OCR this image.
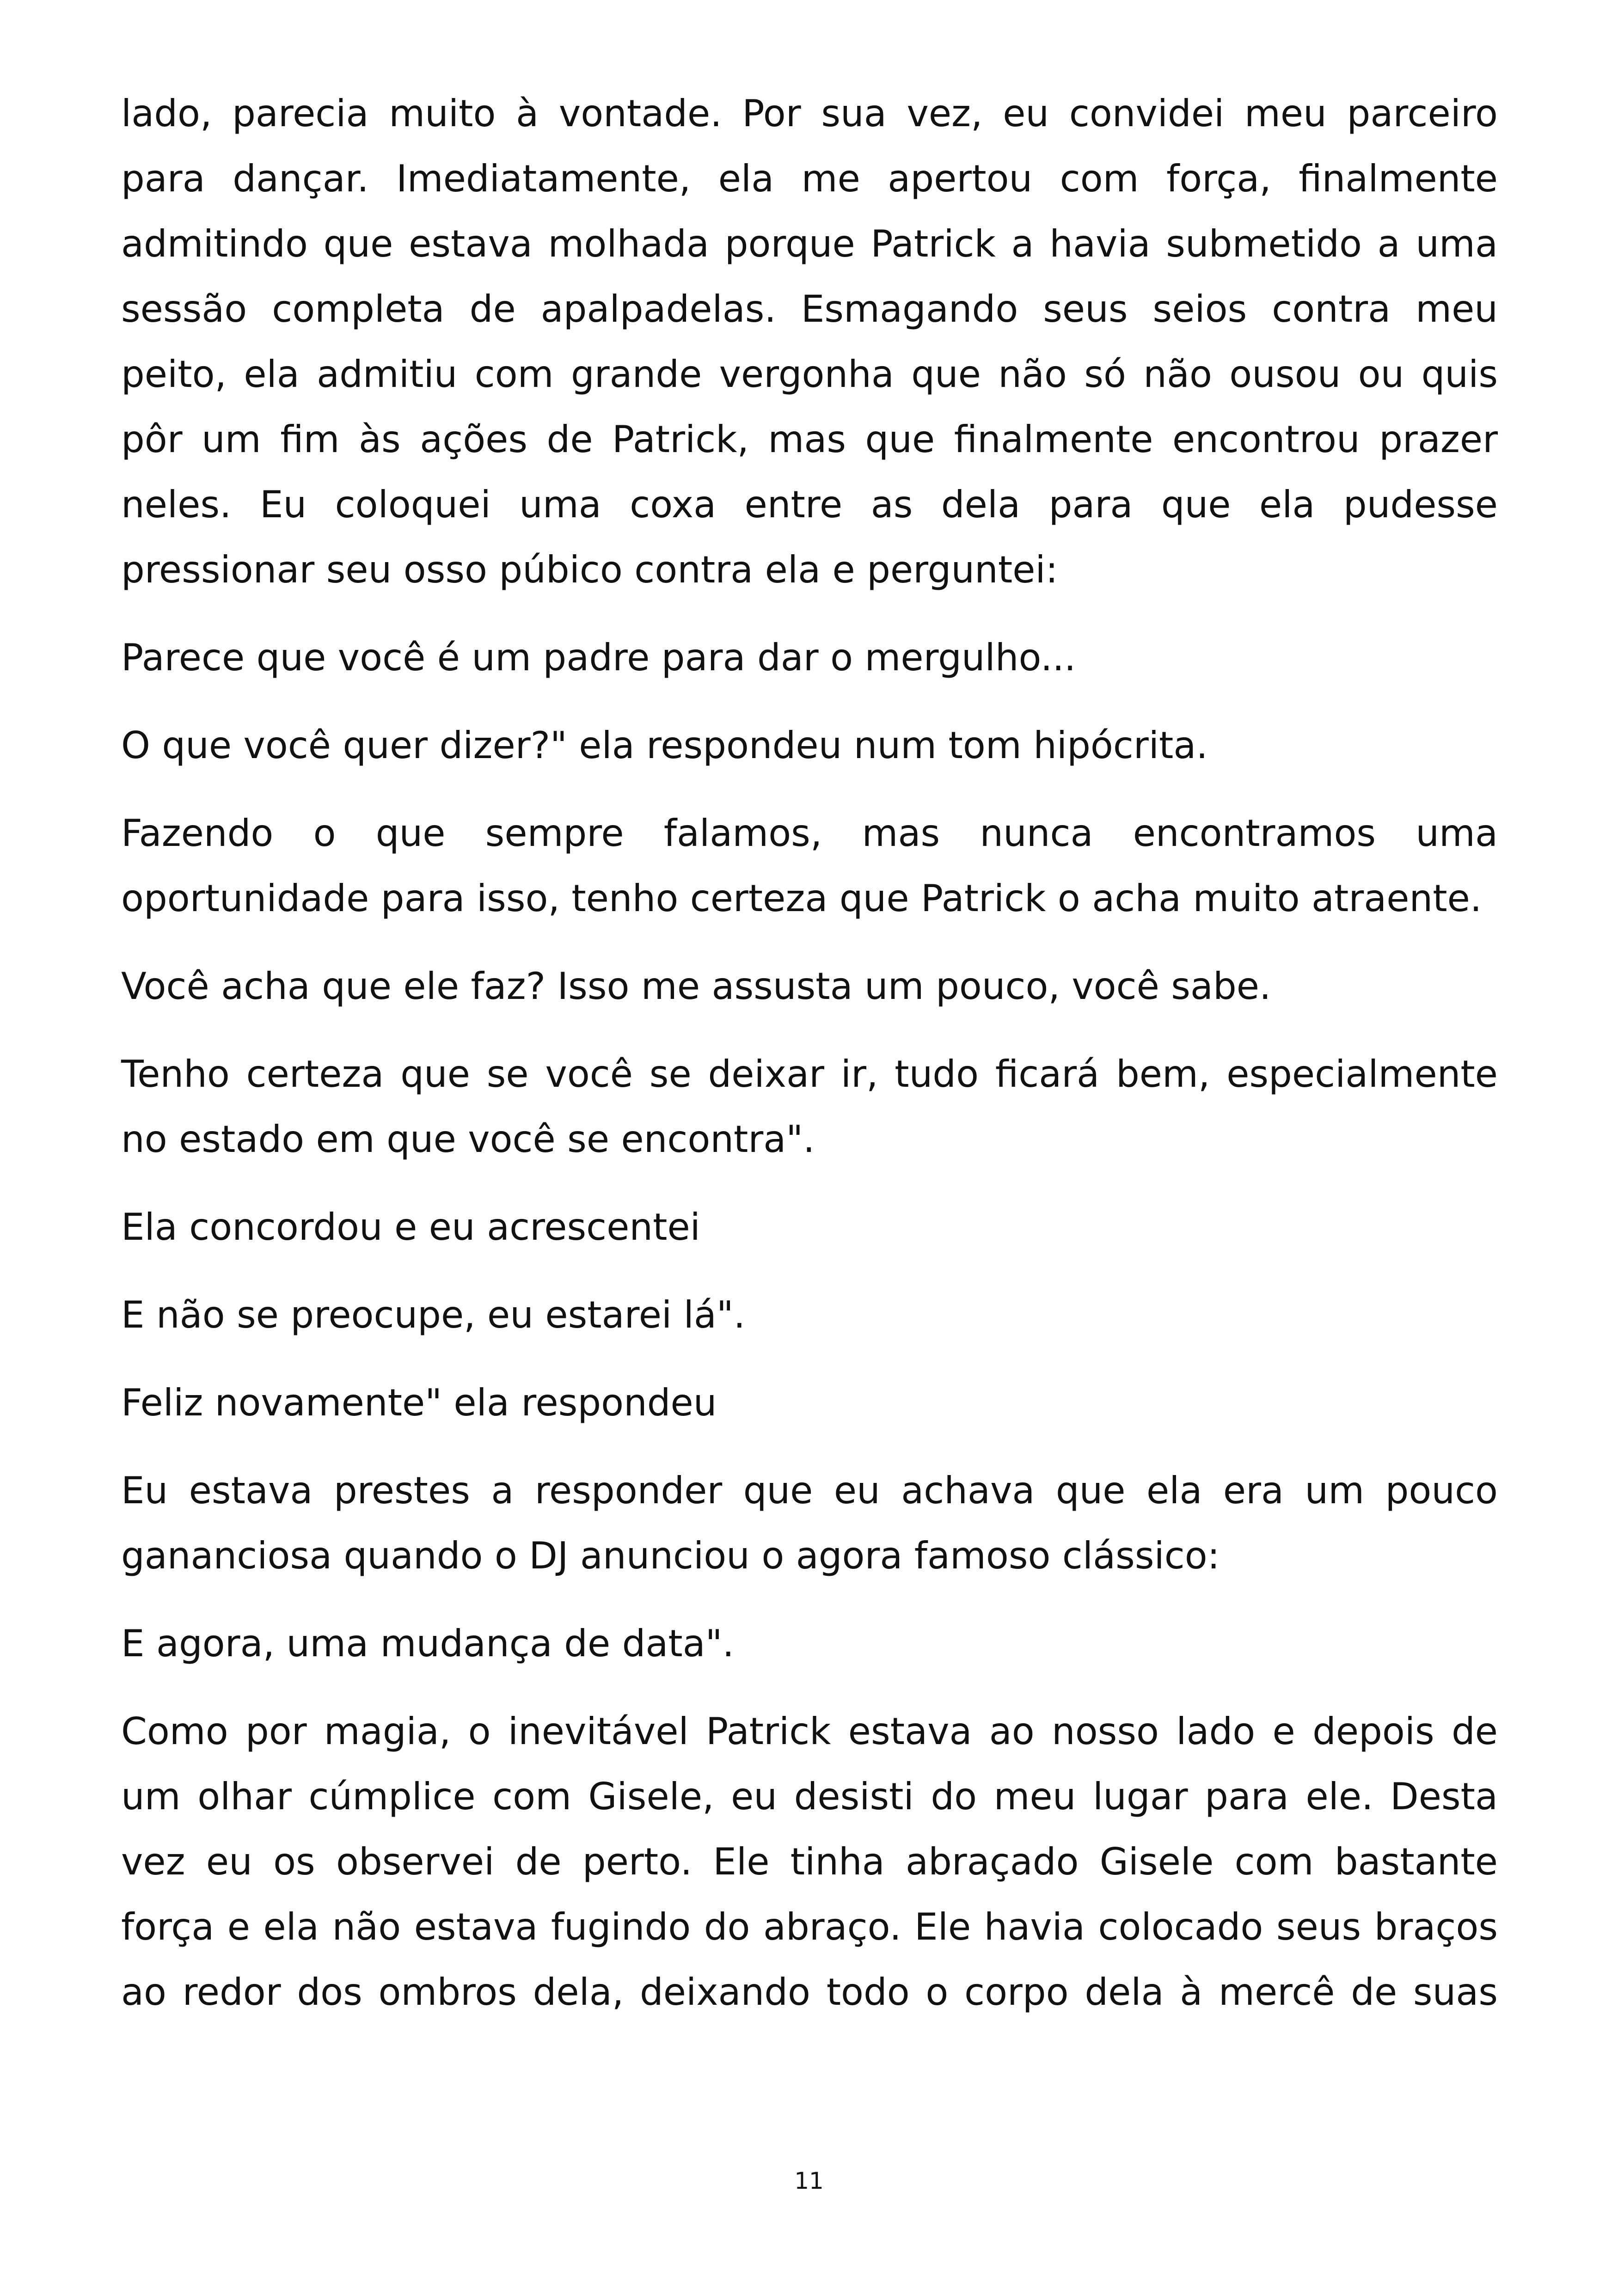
lado, parecia muito à vontade. Por sua vez, eu convidei meu parceiro para dançar. Imediatamente, ela me apertou com força, finalmente admitindo que estava molhada porque Patrick a havia submetido a uma sessão completa de apalpadelas. Esmagando seus seios contra meu peito, ela admitiu com grande vergonha que não só não ousou ou quis pôr um fim às ações de Patrick, mas que finalmente encontrou prazer neles. Eu coloquei uma coxa entre as dela para que ela pudesse pressionar seu osso púbico contra ela e perguntei:

Parece que você é um padre para dar o mergulho...

O que você quer dizer?" ela respondeu num tom hipócrita.

Fazendo o que sempre falamos, mas nunca encontramos uma oportunidade para isso, tenho certeza que Patrick o acha muito atraente.

Você acha que ele faz? Isso me assusta um pouco, você sabe.

Tenho certeza que se você se deixar ir, tudo ficará bem, especialmente no estado em que você se encontra".

Ela concordou e eu acrescentei

E não se preocupe, eu estarei lá".

Feliz novamente" ela respondeu

Eu estava prestes a responder que eu achava que ela era um pouco gananciosa quando o DJ anunciou o agora famoso clássico:

E agora, uma mudança de data".

Como por magia, o inevitável Patrick estava ao nosso lado e depois de um olhar cúmplice com Gisele, eu desisti do meu lugar para ele. Desta vez eu os observei de perto. Ele tinha abraçado Gisele com bastante força e ela não estava fugindo do abraço. Ele havia colocado seus braços ao redor dos ombros dela, deixando todo o corpo dela à mercê de suas

11
